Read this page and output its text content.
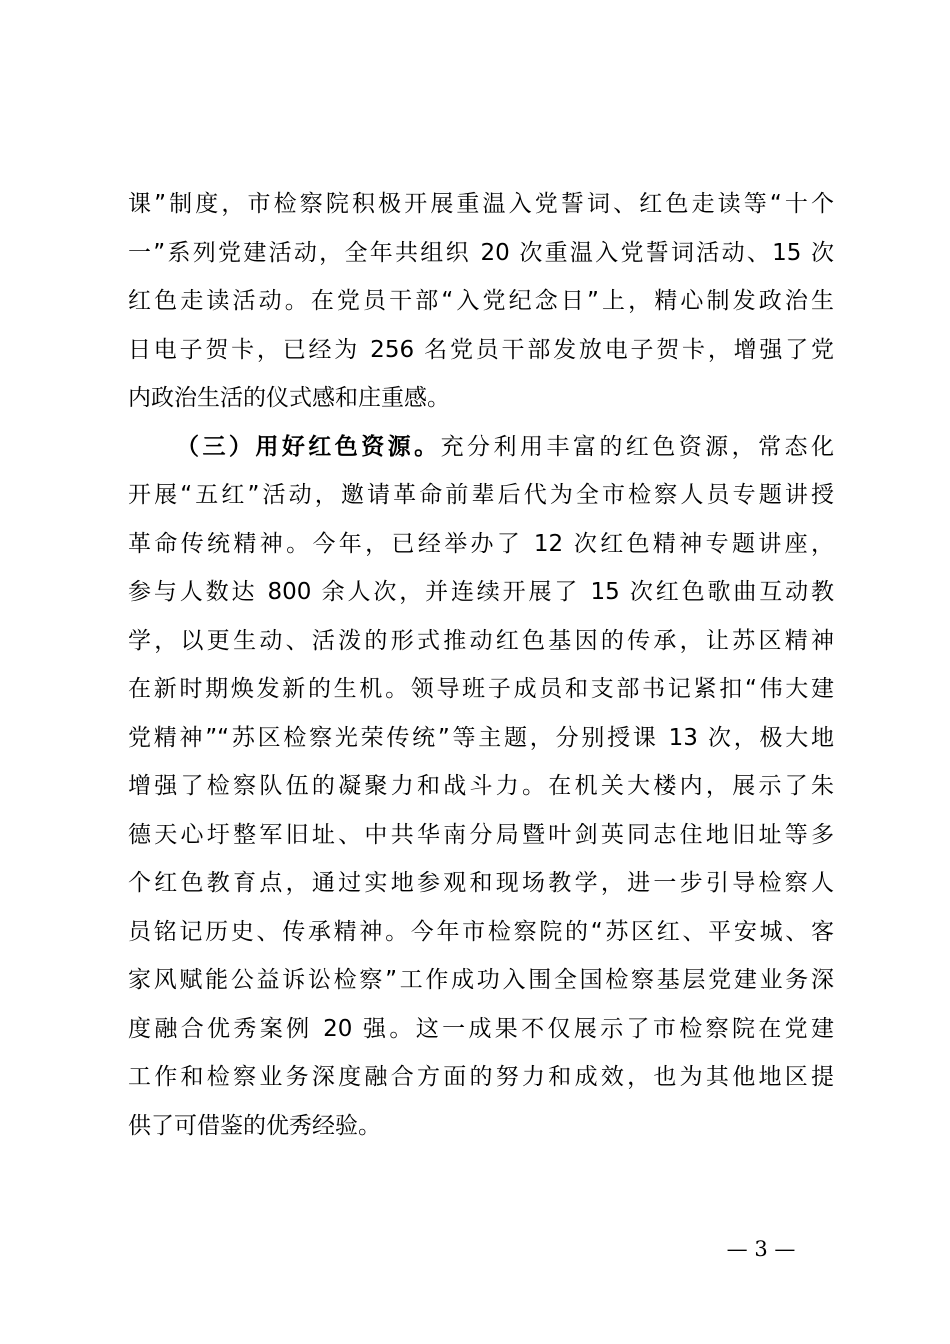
课”制度，市检察院积极开展重温入党誓词、红色走读等“十个
一”系列党建活动，全年共组织 20 次重温入党誓词活动、15 次
红色走读活动。在党员干部“入党纪念日”上，精心制发政治生
日电子贺卡，已经为 256 名党员干部发放电子贺卡，增强了党
内政治生活的仪式感和庄重感。
（三）用好红色资源。充分利用丰富的红色资源，常态化
开展“五红”活动，邀请革命前辈后代为全市检察人员专题讲授
革命传统精神。今年，已经举办了 12 次红色精神专题讲座，
参与人数达 800 余人次，并连续开展了 15 次红色歌曲互动教
学，以更生动、活泼的形式推动红色基因的传承，让苏区精神
在新时期焕发新的生机。领导班子成员和支部书记紧扣“伟大建
党精神”“苏区检察光荣传统”等主题，分别授课 13 次，极大地
增强了检察队伍的凝聚力和战斗力。在机关大楼内，展示了朱
德天心圩整军旧址、中共华南分局暨叶剑英同志住地旧址等多
个红色教育点，通过实地参观和现场教学，进一步引导检察人
员铭记历史、传承精神。今年市检察院的“苏区红、平安城、客
家风赋能公益诉讼检察”工作成功入围全国检察基层党建业务深
度融合优秀案例 20 强。这一成果不仅展示了市检察院在党建
工作和检察业务深度融合方面的努力和成效，也为其他地区提
供了可借鉴的优秀经验。
— 3 —
